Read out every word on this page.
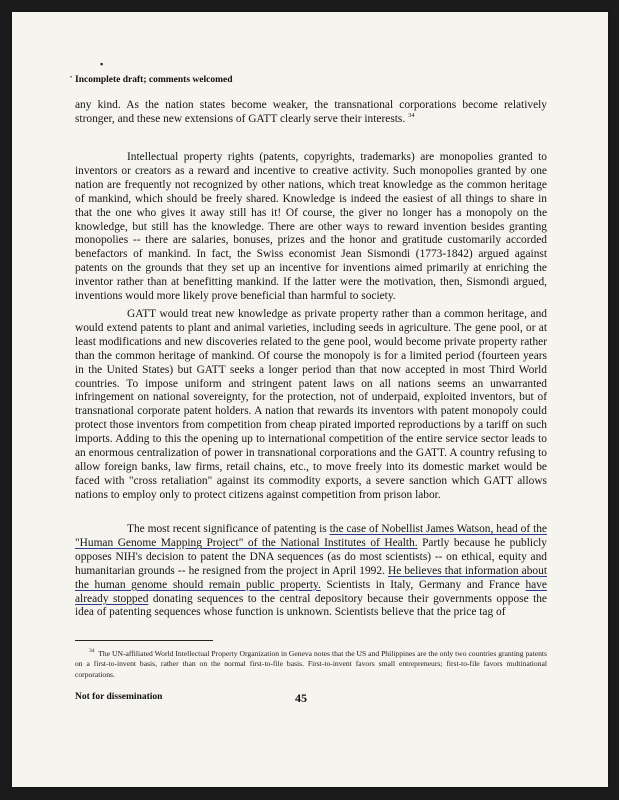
▪
• Incomplete draft; comments welcomed
any kind. As the nation states become weaker, the transnational corporations become relatively stronger, and these new extensions of GATT clearly serve their interests. $^{34}$
Intellectual property rights (patents, copyrights, trademarks) are monopolies granted to inventors or creators as a reward and incentive to creative activity. Such monopolies granted by one nation are frequently not recognized by other nations, which treat knowledge as the common heritage of mankind, which should be freely shared. Knowledge is indeed the easiest of all things to share in that the one who gives it away still has it! Of course, the giver no longer has a monopoly on the knowledge, but still has the knowledge. There are other ways to reward invention besides granting monopolies -- there are salaries, bonuses, prizes and the honor and gratitude customarily accorded benefactors of mankind. In fact, the Swiss economist Jean Sismondi (1773-1842) argued against patents on the grounds that they set up an incentive for inventions aimed primarily at enriching the inventor rather than at benefitting mankind. If the latter were the motivation, then, Sismondi argued, inventions would more likely prove beneficial than harmful to society.
GATT would treat new knowledge as private property rather than a common heritage, and would extend patents to plant and animal varieties, including seeds in agriculture. The gene pool, or at least modifications and new discoveries related to the gene pool, would become private property rather than the common heritage of mankind. Of course the monopoly is for a limited period (fourteen years in the United States) but GATT seeks a longer period than that now accepted in most Third World countries. To impose uniform and stringent patent laws on all nations seems an unwarranted infringement on national sovereignty, for the protection, not of underpaid, exploited inventors, but of transnational corporate patent holders. A nation that rewards its inventors with patent monopoly could protect those inventors from competition from cheap pirated imported reproductions by a tariff on such imports. Adding to this the opening up to international competition of the entire service sector leads to an enormous centralization of power in transnational corporations and the GATT. A country refusing to allow foreign banks, law firms, retail chains, etc., to move freely into its domestic market would be faced with "cross retaliation" against its commodity exports, a severe sanction which GATT allows nations to employ only to protect citizens against competition from prison labor.
The most recent significance of patenting is the case of Nobellist James Watson, head of the "Human Genome Mapping Project" of the National Institutes of Health. Partly because he publicly opposes NIH's decision to patent the DNA sequences (as do most scientists) -- on ethical, equity and humanitarian grounds -- he resigned from the project in April 1992. He believes that information about the human genome should remain public property. Scientists in Italy, Germany and France have already stopped donating sequences to the central depository because their governments oppose the idea of patenting sequences whose function is unknown. Scientists believe that the price tag of
$^{34}$ The UN-affiliated World Intellectual Property Organization in Geneva notes that the US and Philippines are the only two countries granting patents on a first-to-invent basis, rather than on the normal first-to-file basis. First-to-invent favors small entrepreneurs; first-to-file favors multinational corporations.
Not for dissemination	45
